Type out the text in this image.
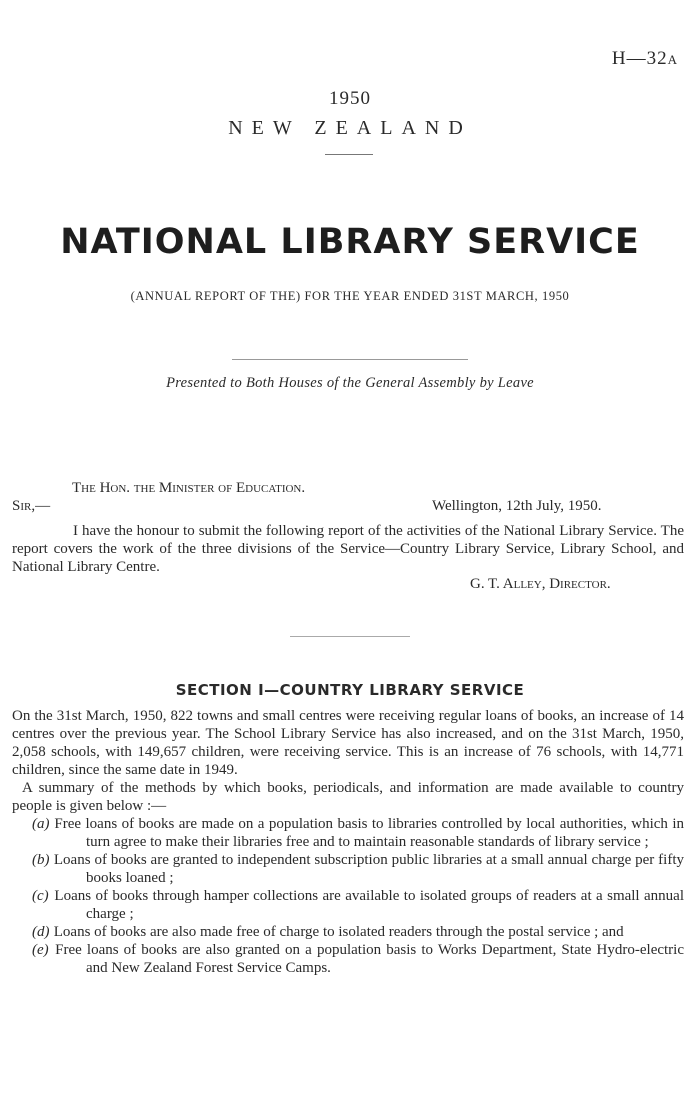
H—32A
1950
NEW ZEALAND
NATIONAL LIBRARY SERVICE
(ANNUAL REPORT OF THE) FOR THE YEAR ENDED 31ST MARCH, 1950
Presented to Both Houses of the General Assembly by Leave
The Hon. the Minister of Education.
Sir,—	Wellington, 12th July, 1950.
I have the honour to submit the following report of the activities of the National Library Service. The report covers the work of the three divisions of the Service—Country Library Service, Library School, and National Library Centre.
G. T. Alley, Director.
SECTION I—COUNTRY LIBRARY SERVICE
On the 31st March, 1950, 822 towns and small centres were receiving regular loans of books, an increase of 14 centres over the previous year. The School Library Service has also increased, and on the 31st March, 1950, 2,058 schools, with 149,657 children, were receiving service. This is an increase of 76 schools, with 14,771 children, since the same date in 1949.
A summary of the methods by which books, periodicals, and information are made available to country people is given below :—
(a) Free loans of books are made on a population basis to libraries controlled by local authorities, which in turn agree to make their libraries free and to maintain reasonable standards of library service ;
(b) Loans of books are granted to independent subscription public libraries at a small annual charge per fifty books loaned ;
(c) Loans of books through hamper collections are available to isolated groups of readers at a small annual charge ;
(d) Loans of books are also made free of charge to isolated readers through the postal service ; and
(e) Free loans of books are also granted on a population basis to Works Department, State Hydro-electric and New Zealand Forest Service Camps.
